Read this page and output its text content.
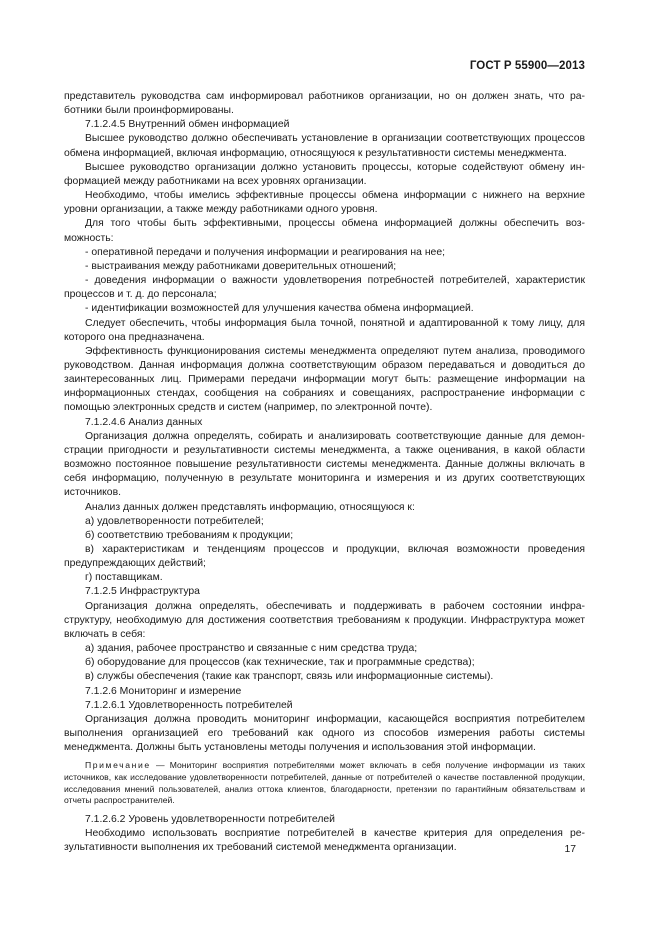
ГОСТ Р 55900—2013

представитель руководства сам информировал работников организации, но он должен знать, что работники были проинформированы.

7.1.2.4.5 Внутренний обмен информацией

Высшее руководство должно обеспечивать установление в организации соответствующих процессов обмена информацией, включая информацию, относящуюся к результативности системы менеджмента.

Высшее руководство организации должно установить процессы, которые содействуют обмену информацией между работниками на всех уровнях организации.

Необходимо, чтобы имелись эффективные процессы обмена информации с нижнего на верхние уровни организации, а также между работниками одного уровня.

Для того чтобы быть эффективными, процессы обмена информацией должны обеспечить возможность:

- оперативной передачи и получения информации и реагирования на нее;

- выстраивания между работниками доверительных отношений;

- доведения информации о важности удовлетворения потребностей потребителей, характеристик процессов и т. д. до персонала;

- идентификации возможностей для улучшения качества обмена информацией.

Следует обеспечить, чтобы информация была точной, понятной и адаптированной к тому лицу, для которого она предназначена.

Эффективность функционирования системы менеджмента определяют путем анализа, проводимого руководством. Данная информация должна соответствующим образом передаваться и доводиться до заинтересованных лиц. Примерами передачи информации могут быть: размещение информации на информационных стендах, сообщения на собраниях и совещаниях, распространение информации с помощью электронных средств и систем (например, по электронной почте).

7.1.2.4.6 Анализ данных

Организация должна определять, собирать и анализировать соответствующие данные для демонстрации пригодности и результативности системы менеджмента, а также оценивания, в какой области возможно постоянное повышение результативности системы менеджмента. Данные должны включать в себя информацию, полученную в результате мониторинга и измерения и из других соответствующих источников.

Анализ данных должен представлять информацию, относящуюся к:

а) удовлетворенности потребителей;

б) соответствию требованиям к продукции;

в) характеристикам и тенденциям процессов и продукции, включая возможности проведения предупреждающих действий;

г) поставщикам.

7.1.2.5 Инфраструктура

Организация должна определять, обеспечивать и поддерживать в рабочем состоянии инфраструктуру, необходимую для достижения соответствия требованиям к продукции. Инфраструктура может включать в себя:

а) здания, рабочее пространство и связанные с ним средства труда;

б) оборудование для процессов (как технические, так и программные средства);

в) службы обеспечения (такие как транспорт, связь или информационные системы).

7.1.2.6 Мониторинг и измерение

7.1.2.6.1 Удовлетворенность потребителей

Организация должна проводить мониторинг информации, касающейся восприятия потребителем выполнения организацией его требований как одного из способов измерения работы системы менеджмента. Должны быть установлены методы получения и использования этой информации.

Примечание — Мониторинг восприятия потребителями может включать в себя получение информации из таких источников, как исследование удовлетворенности потребителей, данные от потребителей о качестве поставленной продукции, исследования мнений пользователей, анализ оттока клиентов, благодарности, претензии по гарантийным обязательствам и отчеты распространителей.

7.1.2.6.2 Уровень удовлетворенности потребителей

Необходимо использовать восприятие потребителей в качестве критерия для определения результативности выполнения их требований системой менеджмента организации.	17
